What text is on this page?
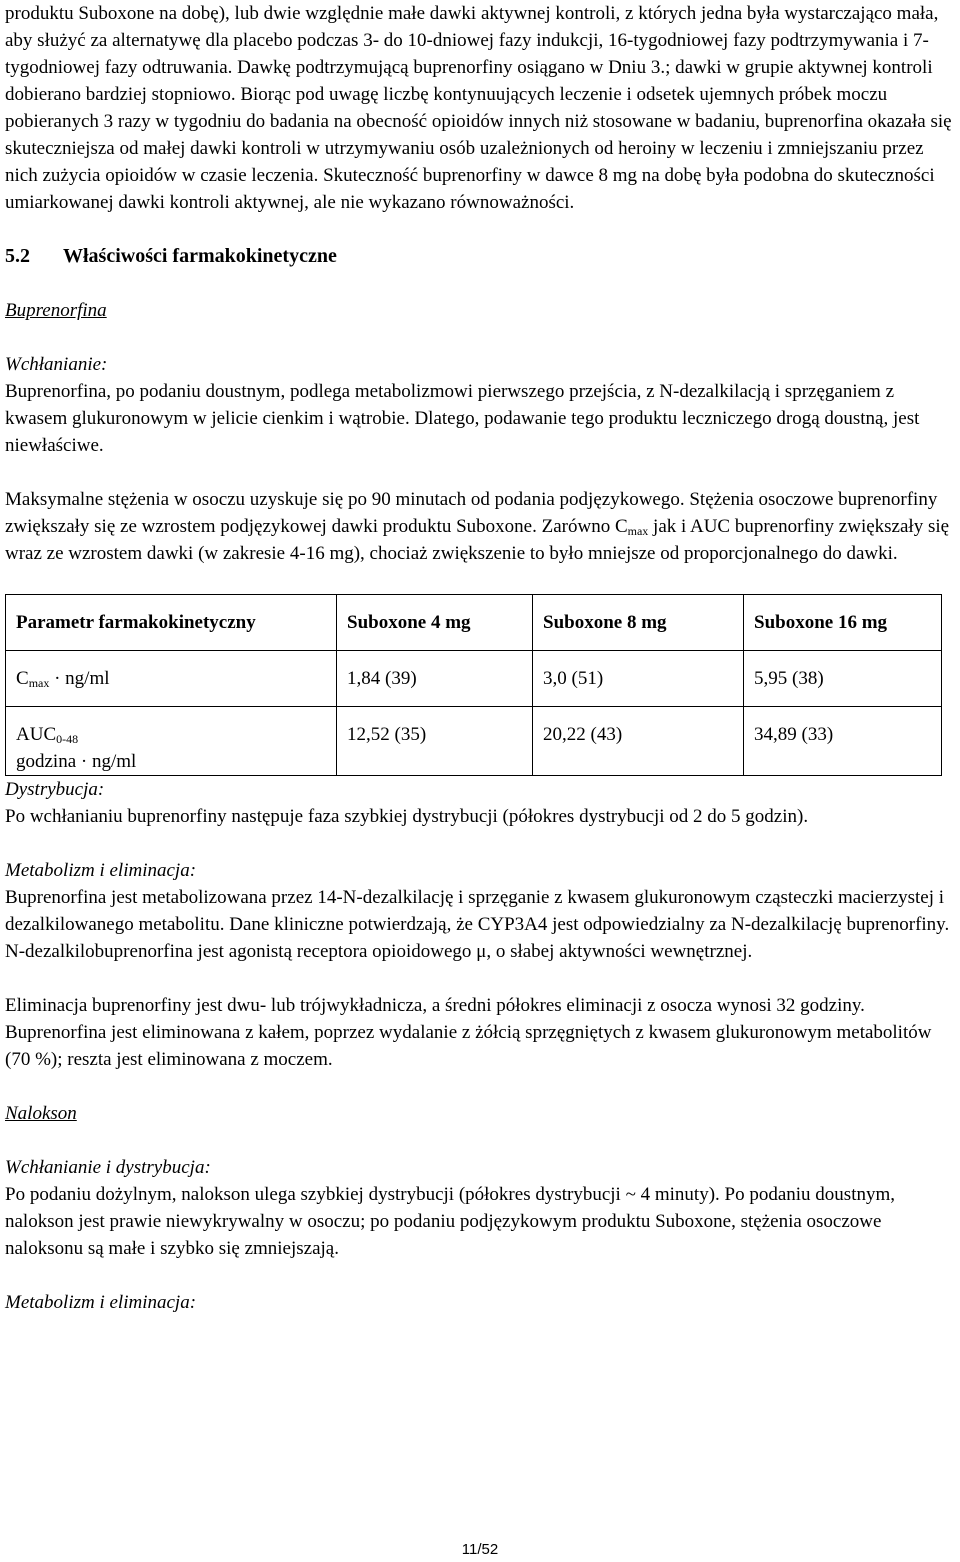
produktu Suboxone na dobę), lub dwie względnie małe dawki aktywnej kontroli, z których jedna była wystarczająco mała, aby służyć za alternatywę dla placebo podczas 3- do 10-dniowej fazy indukcji, 16-tygodniowej fazy podtrzymywania i 7-tygodniowej fazy odtruwania. Dawkę podtrzymującą buprenorfiny osiągano w Dniu 3.; dawki w grupie aktywnej kontroli dobierano bardziej stopniowo. Biorąc pod uwagę liczbę kontynuujących leczenie i odsetek ujemnych próbek moczu pobieranych 3 razy w tygodniu do badania na obecność opioidów innych niż stosowane w badaniu, buprenorfina okazała się skuteczniejsza od małej dawki kontroli w utrzymywaniu osób uzależnionych od heroiny w leczeniu i zmniejszaniu przez nich zużycia opioidów w czasie leczenia. Skuteczność buprenorfiny w dawce 8 mg na dobę była podobna do skuteczności umiarkowanej dawki kontroli aktywnej, ale nie wykazano równoważności.

5.2 Właściwości farmakokinetyczne

Buprenorfina

Wchłanianie:

Buprenorfina, po podaniu doustnym, podlega metabolizmowi pierwszego przejścia, z N-dezalkilacją i sprzęganiem z kwasem glukuronowym w jelicie cienkim i wątrobie. Dlatego, podawanie tego produktu leczniczego drogą doustną, jest niewłaściwe.

Maksymalne stężenia w osoczu uzyskuje się po 90 minutach od podania podjęzykowego. Stężenia osoczowe buprenorfiny zwiększały się ze wzrostem podjęzykowej dawki produktu Suboxone. Zarówno $C_{max}$ jak i AUC buprenorfiny zwiększały się wraz ze wzrostem dawki (w zakresie 4-16 mg), chociaż zwiększenie to było mniejsze od proporcjonalnego do dawki.

Parametr farmakokinetyczny	Suboxone 4 mg	Suboxone 8 mg	Suboxone 16 mg
$C_{max} \cdot ng/ml$	1,84 (39)	3,0 (51)	5,95 (38)
$AUC_{0-48}$
godzina · ng/ml	12,52 (35)	20,22 (43)	34,89 (33)

Dystrybucja:

Po wchłanianiu buprenorfiny następuje faza szybkiej dystrybucji (półokres dystrybucji od 2 do 5 godzin).

Metabolizm i eliminacja:

Buprenorfina jest metabolizowana przez 14-N-dezalkilację i sprzęganie z kwasem glukuronowym cząsteczki macierzystej i dezalkilowanego metabolitu. Dane kliniczne potwierdzają, że CYP3A4 jest odpowiedzialny za N-dezalkilację buprenorfiny. N-dezalkilobuprenorfina jest agonistą receptora opioidowego μ, o słabej aktywności wewnętrznej.

Eliminacja buprenorfiny jest dwu- lub trójwykładnicza, a średni półokres eliminacji z osocza wynosi 32 godziny.

Buprenorfina jest eliminowana z kałem, poprzez wydalanie z żółcią sprzęgniętych z kwasem glukuronowym metabolitów (70 %); reszta jest eliminowana z moczem.

Nalokson

Wchłanianie i dystrybucja:

Po podaniu dożylnym, nalokson ulega szybkiej dystrybucji (półokres dystrybucji ~ 4 minuty). Po podaniu doustnym, nalokson jest prawie niewykrywalny w osoczu; po podaniu podjęzykowym produktu Suboxone, stężenia osoczowe naloksonu są małe i szybko się zmniejszają.

Metabolizm i eliminacja:

11/52
